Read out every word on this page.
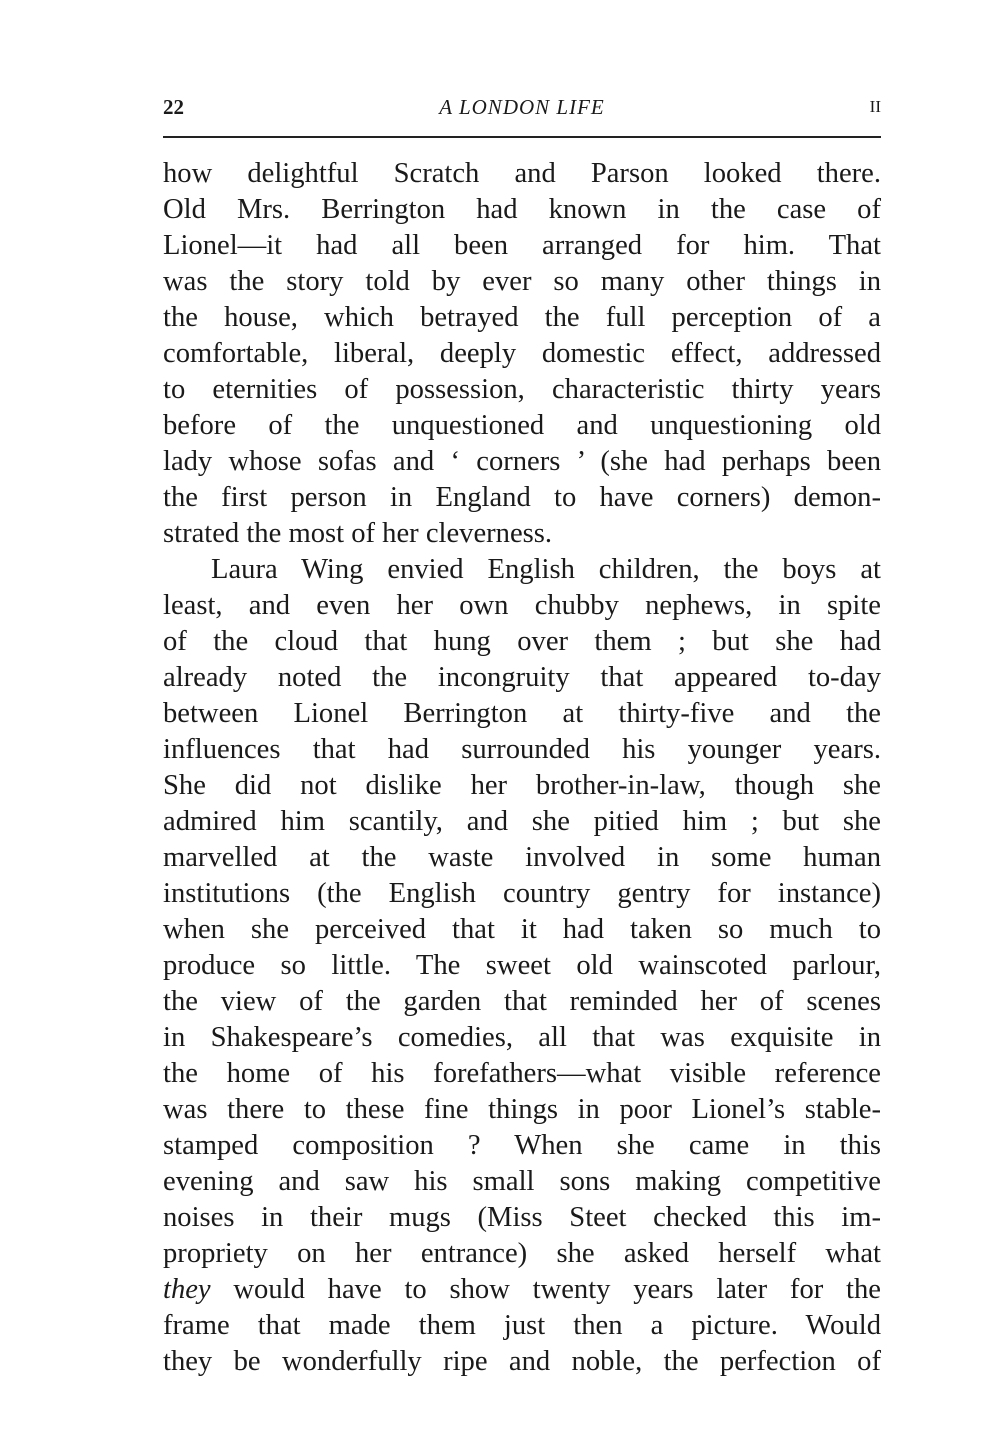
22	A LONDON LIFE	II
how delightful Scratch and Parson looked there.
Old Mrs. Berrington had known in the case of
Lionel—it had all been arranged for him. That
was the story told by ever so many other things in
the house, which betrayed the full perception of a
comfortable, liberal, deeply domestic effect, addressed
to eternities of possession, characteristic thirty years
before of the unquestioned and unquestioning old
lady whose sofas and ‘ corners ’ (she had perhaps been
the first person in England to have corners) demon-
strated the most of her cleverness.
Laura Wing envied English children, the boys at
least, and even her own chubby nephews, in spite
of the cloud that hung over them ; but she had
already noted the incongruity that appeared to-day
between Lionel Berrington at thirty-five and the
influences that had surrounded his younger years.
She did not dislike her brother-in-law, though she
admired him scantily, and she pitied him ; but she
marvelled at the waste involved in some human
institutions (the English country gentry for instance)
when she perceived that it had taken so much to
produce so little. The sweet old wainscoted parlour,
the view of the garden that reminded her of scenes
in Shakespeare’s comedies, all that was exquisite in
the home of his forefathers—what visible reference
was there to these fine things in poor Lionel’s stable-
stamped composition ? When she came in this
evening and saw his small sons making competitive
noises in their mugs (Miss Steet checked this im-
propriety on her entrance) she asked herself what
they would have to show twenty years later for the
frame that made them just then a picture. Would
they be wonderfully ripe and noble, the perfection of
